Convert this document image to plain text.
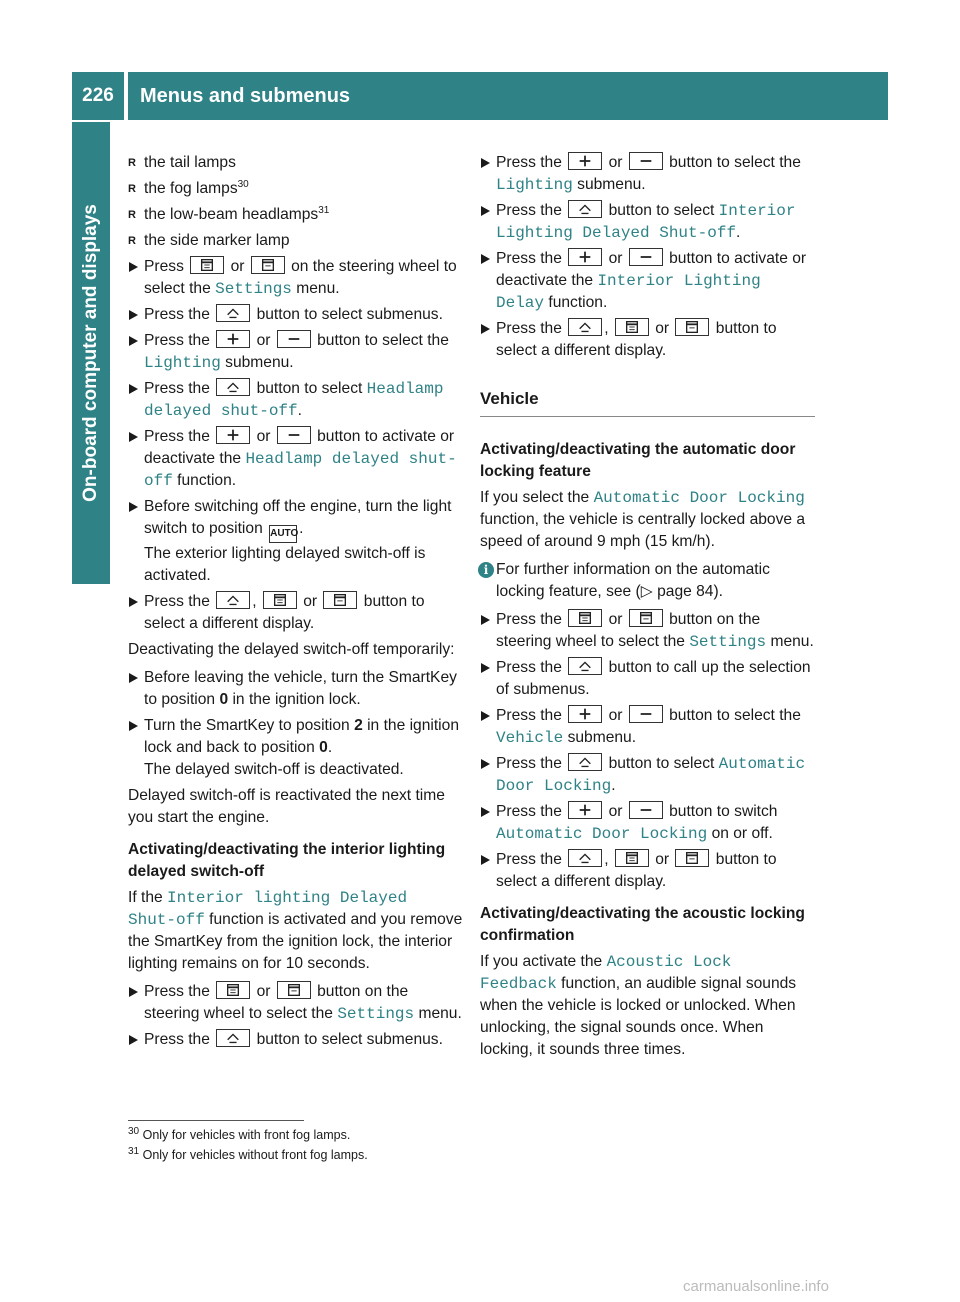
226	Menus and submenus
On-board computer and displays
R the tail lamps
R the fog lamps$^{30}$
R the low-beam headlamps$^{31}$
R the side marker lamp
Press	or	on the steering wheel to select the Settings menu.
Press the	button to select submenus.
Press the	or	button to select the Lighting submenu.
Press the	button to select Headlamp delayed shut-off.
Press the	or	button to activate or deactivate the Headlamp delayed shut-off function.
Before switching off the engine, turn the light switch to position AUTO.
The exterior lighting delayed switch-off is activated.
Press the	,	or	button to select a different display.
Deactivating the delayed switch-off temporarily:
Before leaving the vehicle, turn the SmartKey to position 0 in the ignition lock.
Turn the SmartKey to position 2 in the ignition lock and back to position 0.
The delayed switch-off is deactivated.
Delayed switch-off is reactivated the next time you start the engine.
Activating/deactivating the interior lighting delayed switch-off
If the Interior lighting Delayed Shut-off function is activated and you remove the SmartKey from the ignition lock, the interior lighting remains on for 10 seconds.
Press the	or	button on the steering wheel to select the Settings menu.
Press the	button to select submenus.
Press the	or	button to select the Lighting submenu.
Press the	button to select Interior Lighting Delayed Shut-off.
Press the	or	button to activate or deactivate the Interior Lighting Delay function.
Press the	,	or	button to select a different display.
Vehicle
Activating/deactivating the automatic door locking feature
If you select the Automatic Door Locking function, the vehicle is centrally locked above a speed of around 9 mph (15 km/h).
i For further information on the automatic locking feature, see (▷ page 84).
Press the	or	button on the steering wheel to select the Settings menu.
Press the	button to call up the selection of submenus.
Press the	or	button to select the Vehicle submenu.
Press the	button to select Automatic Door Locking.
Press the	or	button to switch Automatic Door Locking on or off.
Press the	,	or	button to select a different display.
Activating/deactivating the acoustic locking confirmation
If you activate the Acoustic Lock Feedback function, an audible signal sounds when the vehicle is locked or unlocked. When unlocking, the signal sounds once. When locking, it sounds three times.
$^{30}$ Only for vehicles with front fog lamps.
$^{31}$ Only for vehicles without front fog lamps.
carmanualsonline.info
